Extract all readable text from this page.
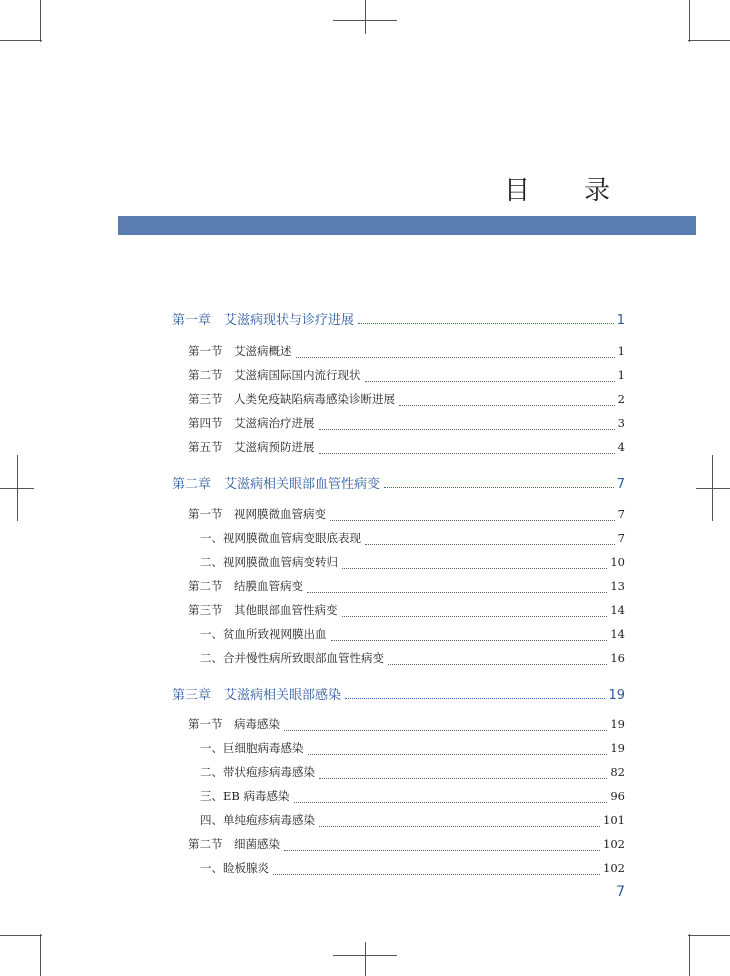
目　录
第一章　艾滋病现状与诊疗进展	1
第一节　艾滋病概述	1
第二节　艾滋病国际国内流行现状	1
第三节　人类免疫缺陷病毒感染诊断进展	2
第四节　艾滋病治疗进展	3
第五节　艾滋病预防进展	4
第二章　艾滋病相关眼部血管性病变	7
第一节　视网膜微血管病变	7
一、视网膜微血管病变眼底表现	7
二、视网膜微血管病变转归	10
第二节　结膜血管病变	13
第三节　其他眼部血管性病变	14
一、贫血所致视网膜出血	14
二、合并慢性病所致眼部血管性病变	16
第三章　艾滋病相关眼部感染	19
第一节　病毒感染	19
一、巨细胞病毒感染	19
二、带状疱疹病毒感染	82
三、EB 病毒感染	96
四、单纯疱疹病毒感染	101
第二节　细菌感染	102
一、睑板腺炎	102
7
